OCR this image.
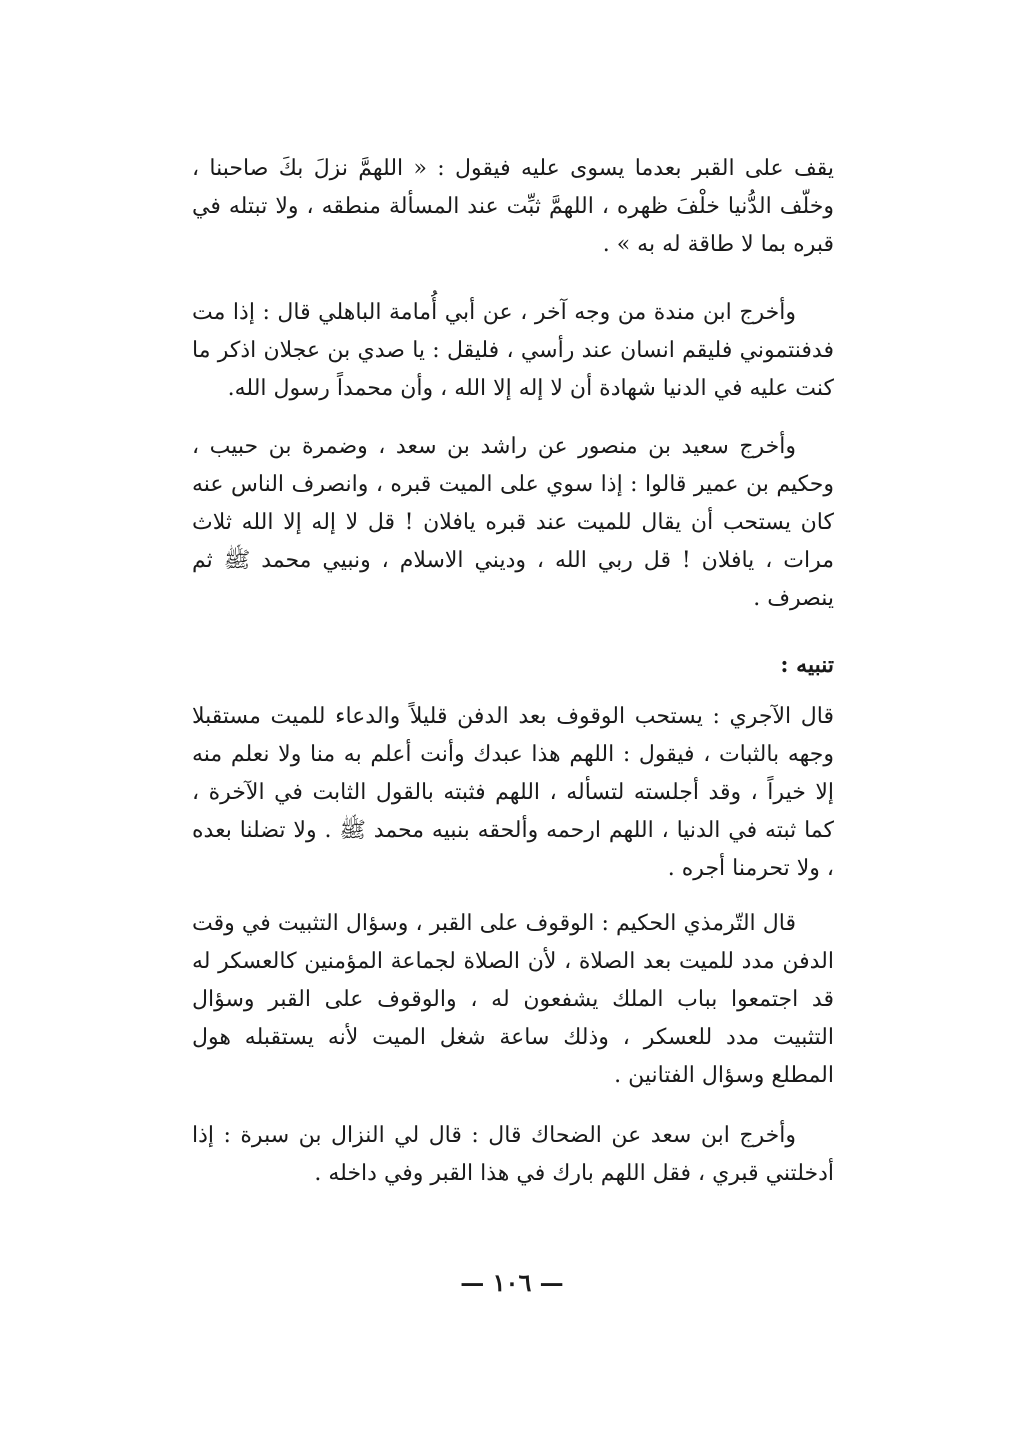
يقف على القبر بعدما يسوى عليه فيقول : « اللهمَّ نزلَ بكَ صاحبنا ، وخلّف الدُّنيا خلْفَ ظهره ، اللهمَّ ثبِّت عند المسألة منطقه ، ولا تبتله في قبره بما لا طاقة له به » .

وأخرج ابن مندة من وجه آخر ، عن أبي أُمامة الباهلي قال : إذا مت فدفنتموني فليقم انسان عند رأسي ، فليقل : يا صدي بن عجلان اذكر ما كنت عليه في الدنيا شهادة أن لا إله إلا الله ، وأن محمداً رسول الله.

وأخرج سعيد بن منصور عن راشد بن سعد ، وضمرة بن حبيب ، وحكيم بن عمير قالوا : إذا سوي على الميت قبره ، وانصرف الناس عنه كان يستحب أن يقال للميت عند قبره يافلان ! قل لا إله إلا الله ثلاث مرات ، يافلان ! قل ربي الله ، وديني الاسلام ، ونبيي محمد ﷺ ثم ينصرف .

تنبيه :

قال الآجري : يستحب الوقوف بعد الدفن قليلاً والدعاء للميت مستقبلا وجهه بالثبات ، فيقول : اللهم هذا عبدك وأنت أعلم به منا ولا نعلم منه إلا خيراً ، وقد أجلسته لتسأله ، اللهم فثبته بالقول الثابت في الآخرة ، كما ثبته في الدنيا ، اللهم ارحمه وألحقه بنبيه محمد ﷺ . ولا تضلنا بعده ، ولا تحرمنا أجره .

قال التّرمذي الحكيم : الوقوف على القبر ، وسؤال التثبيت في وقت الدفن مدد للميت بعد الصلاة ، لأن الصلاة لجماعة المؤمنين كالعسكر له قد اجتمعوا بباب الملك يشفعون له ، والوقوف على القبر وسؤال التثبيت مدد للعسكر ، وذلك ساعة شغل الميت لأنه يستقبله هول المطلع وسؤال الفتانين .

وأخرج ابن سعد عن الضحاك قال : قال لي النزال بن سبرة : إذا أدخلتني قبري ، فقل اللهم بارك في هذا القبر وفي داخله .

— ١٠٦ —
